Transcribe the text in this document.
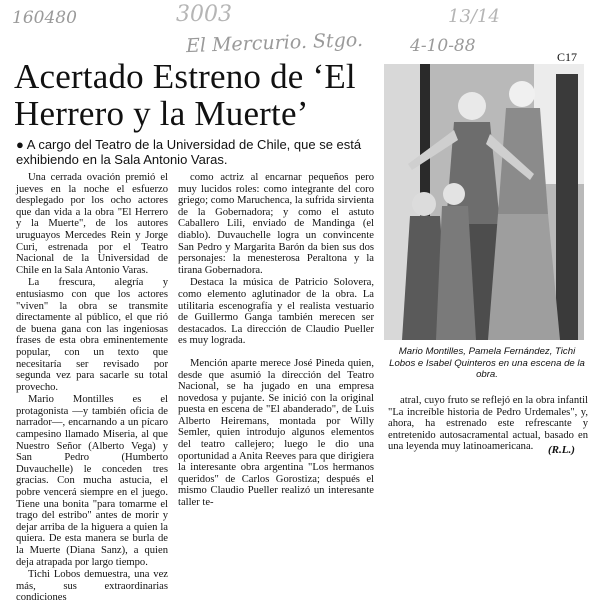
160480	3003
El Mercurio. Stgo.
13/14
4-10-88
C17
Acertado Estreno de ‘El Herrero y la Muerte’

● A cargo del Teatro de la Universidad de Chile, que se está exhibiendo en la Sala Antonio Varas.

Una cerrada ovación premió el jueves en la noche el esfuerzo desplegado por los ocho actores que dan vida a la obra "El Herrero y la Muerte", de los autores uruguayos Mercedes Rein y Jorge Curi, estrenada por el Teatro Nacional de la Universidad de Chile en la Sala Antonio Varas.

La frescura, alegría y entusiasmo con que los actores "viven" la obra se transmite directamente al público, el que rió de buena gana con las ingeniosas frases de esta obra eminentemente popular, con un texto que necesitaría ser revisado por segunda vez para sacarle su total provecho.

Mario Montilles es el protagonista —y también oficia de narrador—, encarnando a un pícaro campesino llamado Miseria, al que Nuestro Señor (Alberto Vega) y San Pedro (Humberto Duvauchelle) le conceden tres gracias. Con mucha astucia, el pobre vencerá siempre en el juego. Tiene una bonita "para tomarme el trago del estribo" antes de morir y dejar arriba de la higuera a quien la quiera. De esta manera se burla de la Muerte (Diana Sanz), a quien deja atrapada por largo tiempo.

Tichi Lobos demuestra, una vez más, sus extraordinarias condiciones

como actriz al encarnar pequeños pero muy lucidos roles: como integrante del coro griego; como Maruchenca, la sufrida sirvienta de la Gobernadora; y como el astuto Caballero Lili, enviado de Mandinga (el diablo). Duvauchelle logra un convincente San Pedro y Margarita Barón da bien sus dos personajes: la menesterosa Peraltona y la tirana Gobernadora.

Destaca la música de Patricio Solovera, como elemento aglutinador de la obra. La utilitaria escenografía y el realista vestuario de Guillermo Ganga también merecen ser destacados. La dirección de Claudio Pueller es muy lograda.

Mención aparte merece José Pineda quien, desde que asumió la dirección del Teatro Nacional, se ha jugado en una empresa novedosa y pujante. Se inició con la original puesta en escena de "El abanderado", de Luis Alberto Heiremans, montada por Willy Semler, quien introdujo algunos elementos del teatro callejero; luego le dio una oportunidad a Anita Reeves para que dirigiera la interesante obra argentina "Los hermanos queridos" de Carlos Gorostiza; después el mismo Claudio Pueller realizó un interesante taller te-

Mario Montilles, Pamela Fernández, Tichi Lobos e Isabel Quinteros en una escena de la obra.

atral, cuyo fruto se reflejó en la obra infantil "La increíble historia de Pedro Urdemales", y, ahora, ha estrenado este refrescante y entretenido autosacramental actual, basado en una leyenda muy latinoamericana.	(R.L.)
